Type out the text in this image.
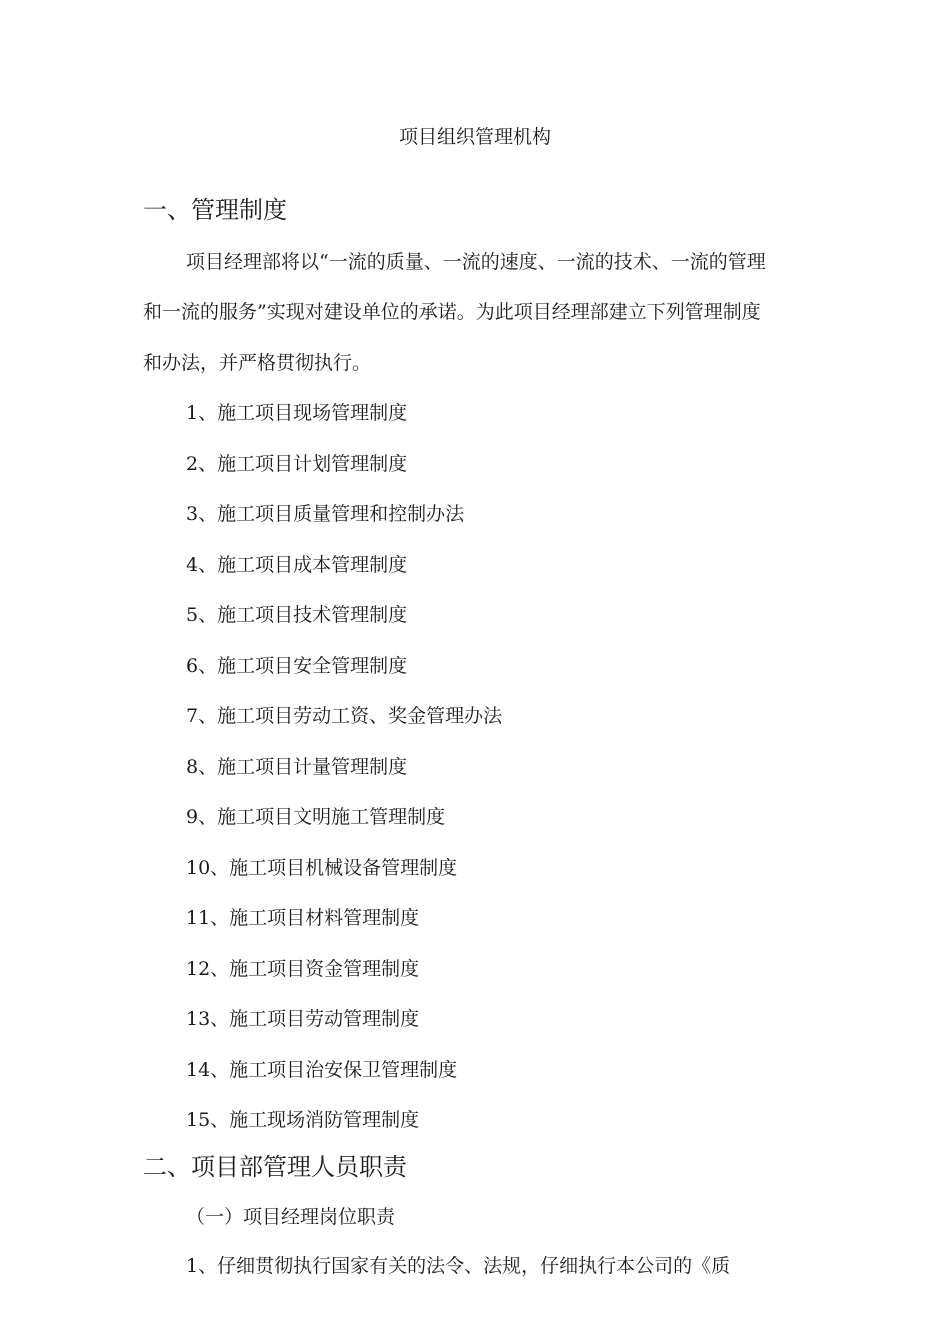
项目组织管理机构
一、管理制度
项目经理部将以“一流的质量、一流的速度、一流的技术、一流的管理
和一流的服务”实现对建设单位的承诺。为此项目经理部建立下列管理制度
和办法，并严格贯彻执行。
1、施工项目现场管理制度
2、施工项目计划管理制度
3、施工项目质量管理和控制办法
4、施工项目成本管理制度
5、施工项目技术管理制度
6、施工项目安全管理制度
7、施工项目劳动工资、奖金管理办法
8、施工项目计量管理制度
9、施工项目文明施工管理制度
10、施工项目机械设备管理制度
11、施工项目材料管理制度
12、施工项目资金管理制度
13、施工项目劳动管理制度
14、施工项目治安保卫管理制度
15、施工现场消防管理制度
二、项目部管理人员职责
（一）项目经理岗位职责
1、仔细贯彻执行国家有关的法令、法规，仔细执行本公司的《质
